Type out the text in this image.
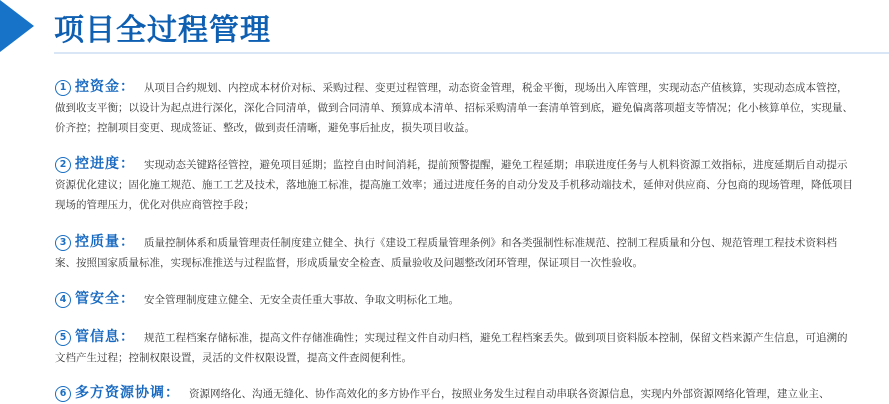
项目全过程管理

1 控资金： 从项目合约规划、内控成本材价对标、采购过程、变更过程管理，动态资金管理，税金平衡，现场出入库管理，实现动态产值核算，实现动态成本管控，做到收支平衡；以设计为起点进行深化，深化合同清单，做到合同清单、预算成本清单、招标采购清单一套清单管到底，避免偏离落项超支等情况；化小核算单位，实现量、价齐控；控制项目变更、现成签证、整改，做到责任清晰，避免事后扯皮，损失项目收益。

2 控进度： 实现动态关键路径管控，避免项目延期；监控自由时间消耗，提前预警提醒，避免工程延期；串联进度任务与人机料资源工效指标，进度延期后自动提示资源优化建议；固化施工规范、施工工艺及技术，落地施工标准，提高施工效率；通过进度任务的自动分发及手机移动端技术，延伸对供应商、分包商的现场管理，降低项目现场的管理压力，优化对供应商管控手段；

3 控质量： 质量控制体系和质量管理责任制度建立健全、执行《建设工程质量管理条例》和各类强制性标准规范、控制工程质量和分包、规范管理工程技术资料档案、按照国家质量标准，实现标准推送与过程监督，形成质量安全检查、质量验收及问题整改闭环管理，保证项目一次性验收。

4 管安全： 安全管理制度建立健全、无安全责任重大事故、争取文明标化工地。

5 管信息： 规范工程档案存储标准，提高文件存储准确性；实现过程文件自动归档，避免工程档案丢失。做到项目资料版本控制，保留文档来源产生信息，可追溯的文档产生过程；控制权限设置，灵活的文件权限设置，提高文件查阅便利性。

6 多方资源协调： 资源网络化、沟通无缝化、协作高效化的多方协作平台，按照业务发生过程自动串联各资源信息，实现内外部资源网络化管理，建立业主、
